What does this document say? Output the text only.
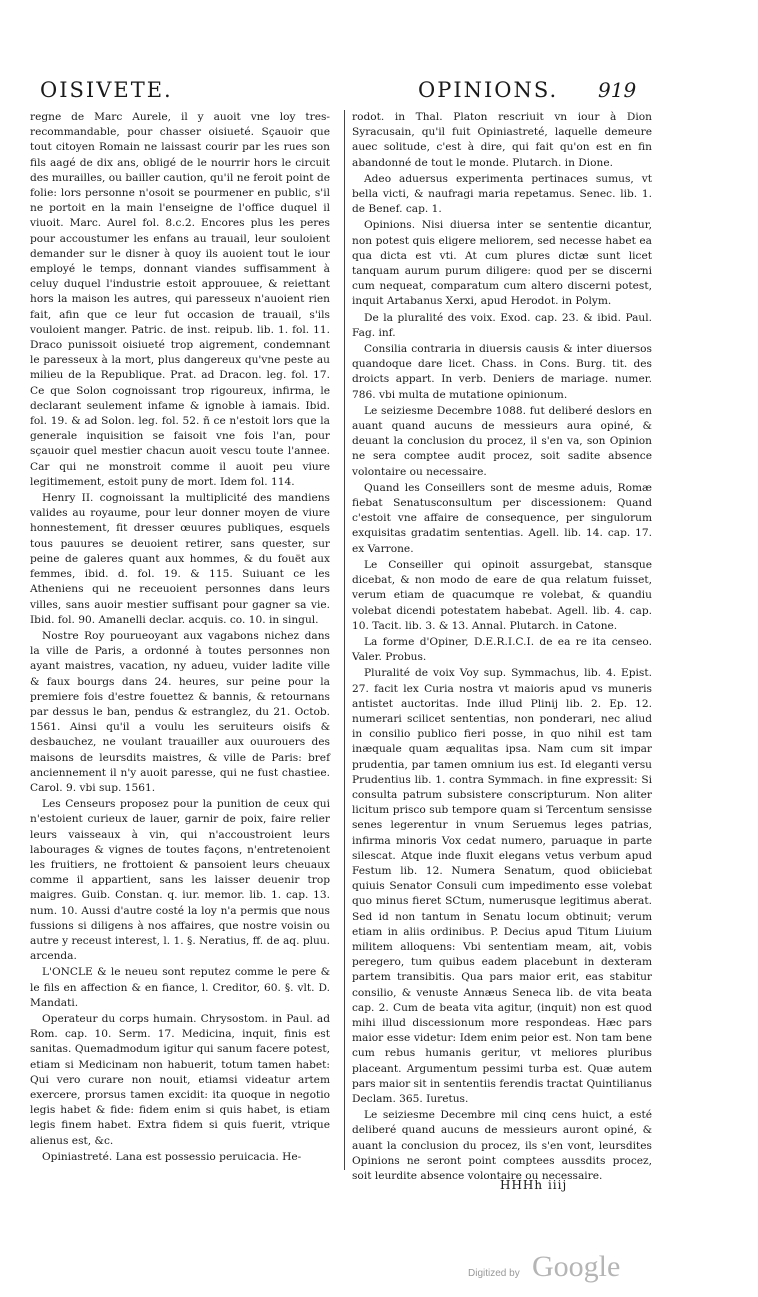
OISIVETE.	OPINIONS. 919

regne de Marc Aurele, il y auoit vne loy tres-recommandable, pour chasser oisiueté. Sçauoir que tout citoyen Romain ne laissast courir par les rues son fils aagé de dix ans, obligé de le nourrir hors le circuit des murailles, ou bailler caution, qu'il ne feroit point de folie: lors personne n'osoit se pourmener en public, s'il ne portoit en la main l'enseigne de l'office duquel il viuoit. Marc. Aurel fol. 8.c.2. Encores plus les peres pour accoustumer les enfans au trauail, leur souloient demander sur le disner à quoy ils auoient tout le iour employé le temps, donnant viandes suffisamment à celuy duquel l'industrie estoit approuuee, & reiettant hors la maison les autres, qui paresseux n'auoient rien fait, afin que ce leur fut occasion de trauail, s'ils vouloient manger. Patric. de inst. reipub. lib. 1. fol. 11. Draco punissoit oisiueté trop aigrement, condemnant le paresseux à la mort, plus dangereux qu'vne peste au milieu de la Republique. Prat. ad Dracon. leg. fol. 17. Ce que Solon cognoissant trop rigoureux, infirma, le declarant seulement infame & ignoble à iamais. Ibid. fol. 19. & ad Solon. leg. fol. 52. ñ ce n'estoit lors que la generale inquisition se faisoit vne fois l'an, pour sçauoir quel mestier chacun auoit vescu toute l'annee. Car qui ne monstroit comme il auoit peu viure legitimement, estoit puny de mort. Idem fol. 114.

Henry II. cognoissant la multiplicité des mandiens valides au royaume, pour leur donner moyen de viure honnestement, fit dresser œuures publiques, esquels tous pauures se deuoient retirer, sans quester, sur peine de galeres quant aux hommes, & du fouët aux femmes, ibid. d. fol. 19. & 115. Suiuant ce les Atheniens qui ne receuoient personnes dans leurs villes, sans auoir mestier suffisant pour gagner sa vie. Ibid. fol. 90. Amanelli declar. acquis. co. 10. in singul.

Nostre Roy pourueoyant aux vagabons nichez dans la ville de Paris, a ordonné à toutes personnes non ayant maistres, vacation, ny adueu, vuider ladite ville & faux bourgs dans 24. heures, sur peine pour la premiere fois d'estre fouettez & bannis, & retournans par dessus le ban, pendus & estranglez, du 21. Octob. 1561. Ainsi qu'il a voulu les seruiteurs oisifs & desbauchez, ne voulant trauailler aux ouurouers des maisons de leursdits maistres, & ville de Paris: bref anciennement il n'y auoit paresse, qui ne fust chastiee. Carol. 9. vbi sup. 1561.

Les Censeurs proposez pour la punition de ceux qui n'estoient curieux de lauer, garnir de poix, faire relier leurs vaisseaux à vin, qui n'accoustroient leurs labourages & vignes de toutes façons, n'entretenoient les fruitiers, ne frottoient & pansoient leurs cheuaux comme il appartient, sans les laisser deuenir trop maigres. Guib. Constan. q. iur. memor. lib. 1. cap. 13. num. 10. Aussi d'autre costé la loy n'a permis que nous fussions si diligens à nos affaires, que nostre voisin ou autre y receust interest, l. 1. §. Neratius, ff. de aq. pluu. arcenda.

L'ONCLE & le neueu sont reputez comme le pere & le fils en affection & en fiance, l. Creditor, 60. §. vlt. D. Mandati.

Operateur du corps humain. Chrysostom. in Paul. ad Rom. cap. 10. Serm. 17. Medicina, inquit, finis est sanitas. Quemadmodum igitur qui sanum facere potest, etiam si Medicinam non habuerit, totum tamen habet: Qui vero curare non nouit, etiamsi videatur artem exercere, prorsus tamen excidit: ita quoque in negotio legis habet & fide: fidem enim si quis habet, is etiam legis finem habet. Extra fidem si quis fuerit, vtrique alienus est, &c.

Opiniastreté. Lana est possessio peruicacia. He-

rodot. in Thal. Platon rescriuit vn iour à Dion Syracusain, qu'il fuit Opiniastreté, laquelle demeure auec solitude, c'est à dire, qui fait qu'on est en fin abandonné de tout le monde. Plutarch. in Dione.

Adeo aduersus experimenta pertinaces sumus, vt bella victi, & naufragi maria repetamus. Senec. lib. 1. de Benef. cap. 1.

Opinions. Nisi diuersa inter se sententie dicantur, non potest quis eligere meliorem, sed necesse habet ea qua dicta est vti. At cum plures dictæ sunt licet tanquam aurum purum diligere: quod per se discerni cum nequeat, comparatum cum altero discerni potest, inquit Artabanus Xerxi, apud Herodot. in Polym.

De la pluralité des voix. Exod. cap. 23. & ibid. Paul. Fag. inf.

Consilia contraria in diuersis causis & inter diuersos quandoque dare licet. Chass. in Cons. Burg. tit. des droicts appart. In verb. Deniers de mariage. numer. 786. vbi multa de mutatione opinionum.

Le seiziesme Decembre 1088. fut deliberé deslors en auant quand aucuns de messieurs aura opiné, & deuant la conclusion du procez, il s'en va, son Opinion ne sera comptee audit procez, soit sadite absence volontaire ou necessaire.

Quand les Conseillers sont de mesme aduis, Romæ fiebat Senatusconsultum per discessionem: Quand c'estoit vne affaire de consequence, per singulorum exquisitas gradatim sententias. Agell. lib. 14. cap. 17. ex Varrone.

Le Conseiller qui opinoit assurgebat, stansque dicebat, & non modo de eare de qua relatum fuisset, verum etiam de quacumque re volebat, & quandiu volebat dicendi potestatem habebat. Agell. lib. 4. cap. 10. Tacit. lib. 3. & 13. Annal. Plutarch. in Catone.

La forme d'Opiner, D.E.R.I.C.I. de ea re ita censeo. Valer. Probus.

Pluralité de voix Voy sup. Symmachus, lib. 4. Epist. 27. facit lex Curia nostra vt maioris apud vs muneris antistet auctoritas. Inde illud Plinij lib. 2. Ep. 12. numerari scilicet sententias, non ponderari, nec aliud in consilio publico fieri posse, in quo nihil est tam inæquale quam æqualitas ipsa. Nam cum sit impar prudentia, par tamen omnium ius est. Id eleganti versu Prudentius lib. 1. contra Symmach. in fine expressit: Si consulta patrum subsistere conscripturum. Non aliter licitum prisco sub tempore quam si Tercentum sensisse senes legerentur in vnum Seruemus leges patrias, infirma minoris Vox cedat numero, paruaque in parte silescat. Atque inde fluxit elegans vetus verbum apud Festum lib. 12. Numera Senatum, quod obiiciebat quiuis Senator Consuli cum impedimento esse volebat quo minus fieret SCtum, numerusque legitimus aberat. Sed id non tantum in Senatu locum obtinuit; verum etiam in aliis ordinibus. P. Decius apud Titum Liuium militem alloquens: Vbi sententiam meam, ait, vobis peregero, tum quibus eadem placebunt in dexteram partem transibitis. Qua pars maior erit, eas stabitur consilio, & venuste Annæus Seneca lib. de vita beata cap. 2. Cum de beata vita agitur, (inquit) non est quod mihi illud discessionum more respondeas. Hæc pars maior esse videtur: Idem enim peior est. Non tam bene cum rebus humanis geritur, vt meliores pluribus placeant. Argumentum pessimi turba est. Quæ autem pars maior sit in sententiis ferendis tractat Quintilianus Declam. 365. Iuretus.

Le seiziesme Decembre mil cinq cens huict, a esté deliberé quand aucuns de messieurs auront opiné, & auant la conclusion du procez, ils s'en vont, leursdites Opinions ne seront point comptees aussdits procez, soit leurdite absence volontaire ou necessaire.

HHHh iiij
Digitized by Google
